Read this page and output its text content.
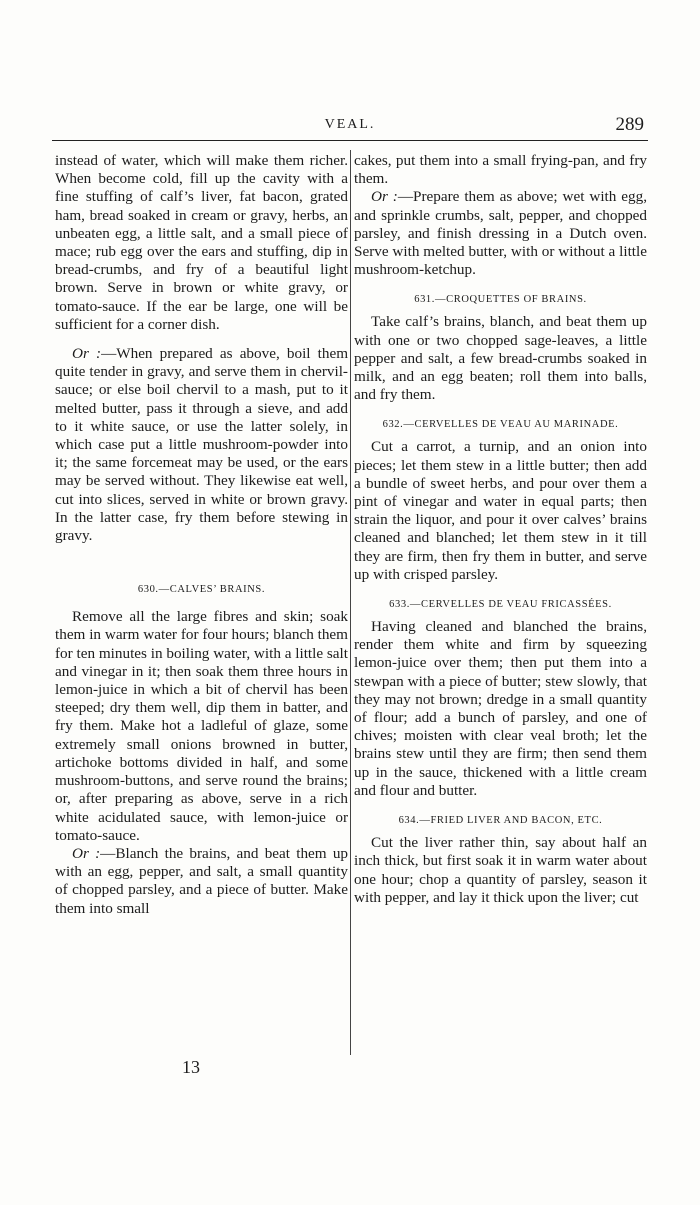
VEAL.	289

instead of water, which will make them richer. When become cold, fill up the cavity with a fine stuffing of calf’s liver, fat bacon, grated ham, bread soaked in cream or gravy, herbs, an unbeaten egg, a little salt, and a small piece of mace; rub egg over the ears and stuffing, dip in bread-crumbs, and fry of a beautiful light brown. Serve in brown or white gravy, or tomato-sauce. If the ear be large, one will be sufficient for a corner dish.

Or :—When prepared as above, boil them quite tender in gravy, and serve them in chervil-sauce; or else boil chervil to a mash, put to it melted butter, pass it through a sieve, and add to it white sauce, or use the latter solely, in which case put a little mushroom-powder into it; the same forcemeat may be used, or the ears may be served without. They likewise eat well, cut into slices, served in white or brown gravy. In the latter case, fry them before stewing in gravy.

630.—CALVES’ BRAINS.

Remove all the large fibres and skin; soak them in warm water for four hours; blanch them for ten minutes in boiling water, with a little salt and vinegar in it; then soak them three hours in lemon-juice in which a bit of chervil has been steeped; dry them well, dip them in batter, and fry them. Make hot a ladleful of glaze, some extremely small onions browned in butter, artichoke bottoms divided in half, and some mushroom-buttons, and serve round the brains; or, after preparing as above, serve in a rich white acidulated sauce, with lemon-juice or tomato-sauce.

Or :—Blanch the brains, and beat them up with an egg, pepper, and salt, a small quantity of chopped parsley, and a piece of butter. Make them into small

cakes, put them into a small frying-pan, and fry them.

Or :—Prepare them as above; wet with egg, and sprinkle crumbs, salt, pepper, and chopped parsley, and finish dressing in a Dutch oven. Serve with melted butter, with or without a little mushroom-ketchup.

631.—CROQUETTES OF BRAINS.

Take calf’s brains, blanch, and beat them up with one or two chopped sage-leaves, a little pepper and salt, a few bread-crumbs soaked in milk, and an egg beaten; roll them into balls, and fry them.

632.—CERVELLES DE VEAU AU MARINADE.

Cut a carrot, a turnip, and an onion into pieces; let them stew in a little butter; then add a bundle of sweet herbs, and pour over them a pint of vinegar and water in equal parts; then strain the liquor, and pour it over calves’ brains cleaned and blanched; let them stew in it till they are firm, then fry them in butter, and serve up with crisped parsley.

633.—CERVELLES DE VEAU FRICASSÉES.

Having cleaned and blanched the brains, render them white and firm by squeezing lemon-juice over them; then put them into a stewpan with a piece of butter; stew slowly, that they may not brown; dredge in a small quantity of flour; add a bunch of parsley, and one of chives; moisten with clear veal broth; let the brains stew until they are firm; then send them up in the sauce, thickened with a little cream and flour and butter.

634.—FRIED LIVER AND BACON, ETC.

Cut the liver rather thin, say about half an inch thick, but first soak it in warm water about one hour; chop a quantity of parsley, season it with pepper, and lay it thick upon the liver; cut

13
